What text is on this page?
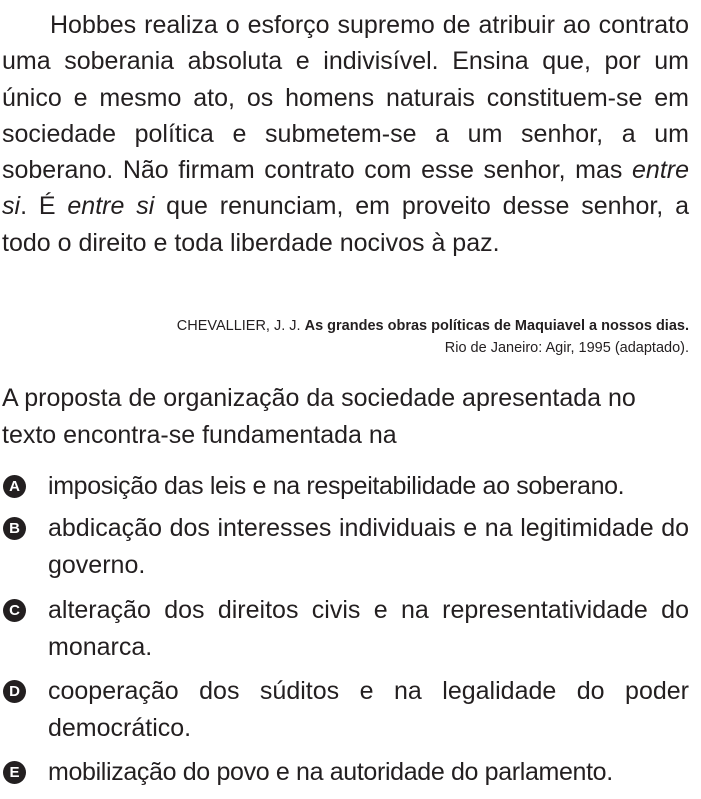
Hobbes realiza o esforço supremo de atribuir ao contrato uma soberania absoluta e indivisível. Ensina que, por um único e mesmo ato, os homens naturais constituem-se em sociedade política e submetem-se a um senhor, a um soberano. Não firmam contrato com esse senhor, mas entre si. É entre si que renunciam, em proveito desse senhor, a todo o direito e toda liberdade nocivos à paz.

CHEVALLIER, J. J. As grandes obras políticas de Maquiavel a nossos dias.
Rio de Janeiro: Agir, 1995 (adaptado).

A proposta de organização da sociedade apresentada no texto encontra-se fundamentada na

A imposição das leis e na respeitabilidade ao soberano.
B abdicação dos interesses individuais e na legitimidade do governo.
C alteração dos direitos civis e na representatividade do monarca.
D cooperação dos súditos e na legalidade do poder democrático.
E mobilização do povo e na autoridade do parlamento.
